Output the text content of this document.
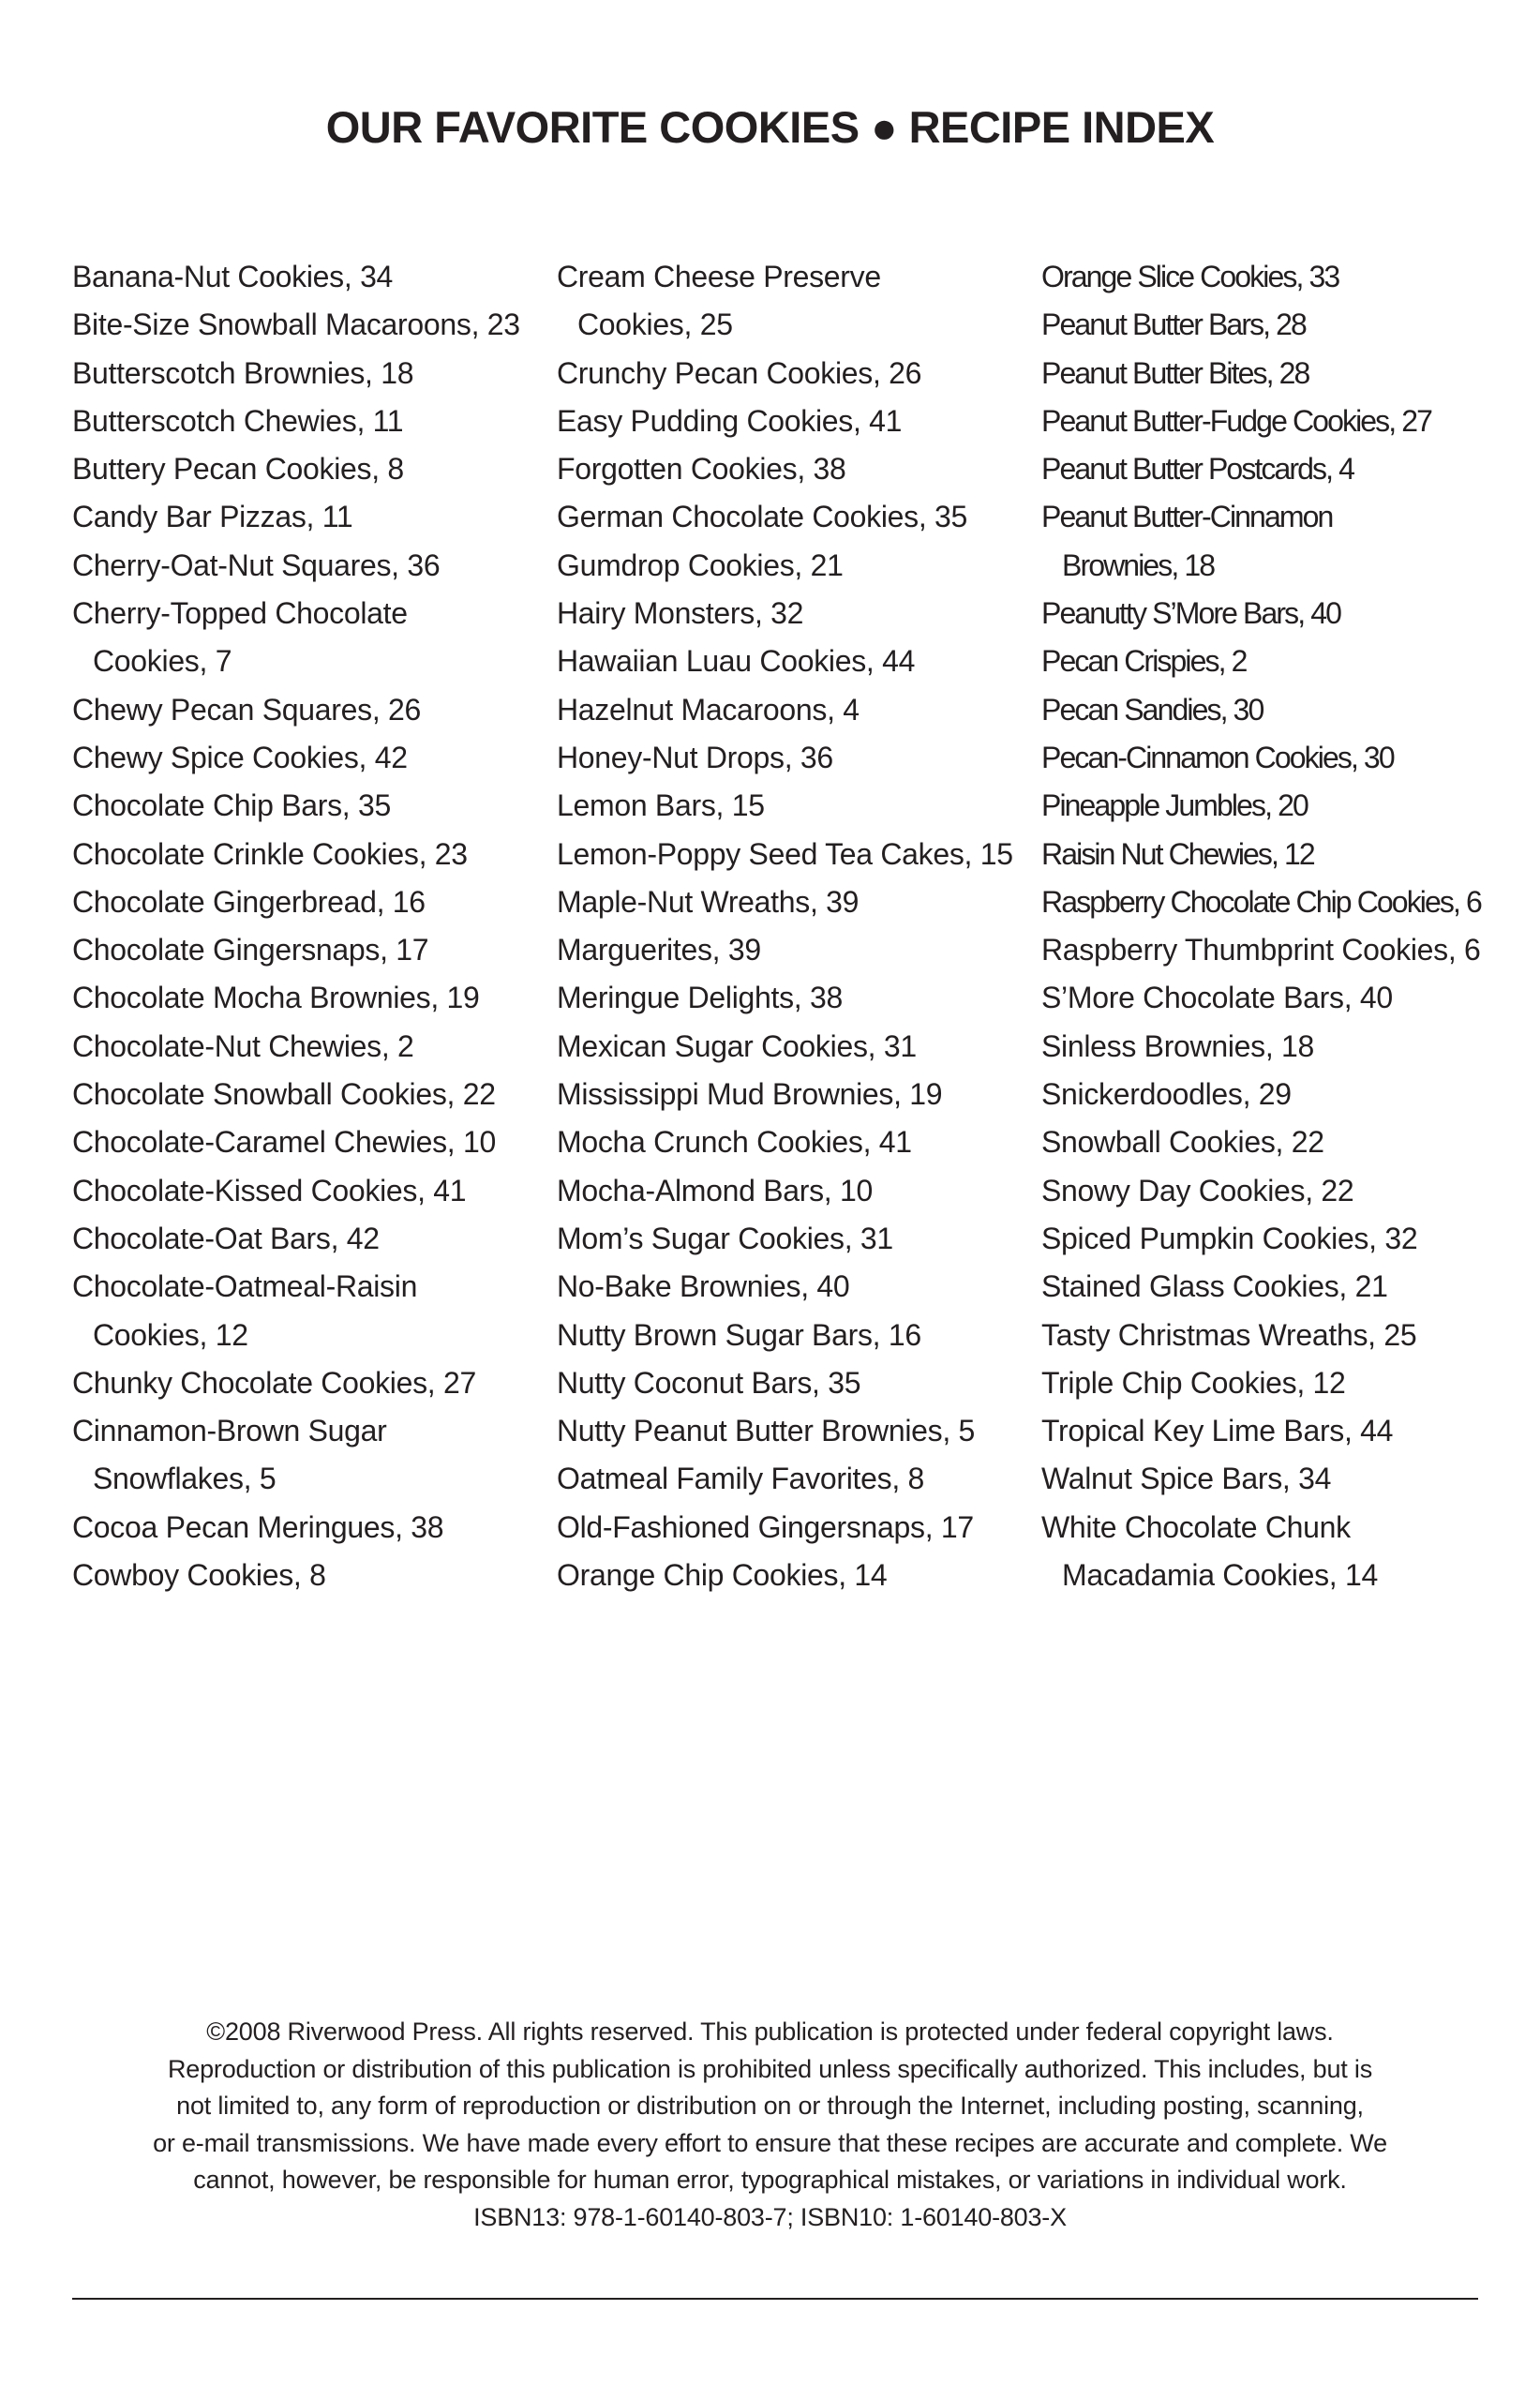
OUR FAVORITE COOKIES ● RECIPE INDEX
Banana-Nut Cookies, 34
Bite-Size Snowball Macaroons, 23
Butterscotch Brownies, 18
Butterscotch Chewies, 11
Buttery Pecan Cookies, 8
Candy Bar Pizzas, 11
Cherry-Oat-Nut Squares, 36
Cherry-Topped Chocolate
Cookies, 7
Chewy Pecan Squares, 26
Chewy Spice Cookies, 42
Chocolate Chip Bars, 35
Chocolate Crinkle Cookies, 23
Chocolate Gingerbread, 16
Chocolate Gingersnaps, 17
Chocolate Mocha Brownies, 19
Chocolate-Nut Chewies, 2
Chocolate Snowball Cookies, 22
Chocolate-Caramel Chewies, 10
Chocolate-Kissed Cookies, 41
Chocolate-Oat Bars, 42
Chocolate-Oatmeal-Raisin
Cookies, 12
Chunky Chocolate Cookies, 27
Cinnamon-Brown Sugar
Snowflakes, 5
Cocoa Pecan Meringues, 38
Cowboy Cookies, 8
Cream Cheese Preserve
Cookies, 25
Crunchy Pecan Cookies, 26
Easy Pudding Cookies, 41
Forgotten Cookies, 38
German Chocolate Cookies, 35
Gumdrop Cookies, 21
Hairy Monsters, 32
Hawaiian Luau Cookies, 44
Hazelnut Macaroons, 4
Honey-Nut Drops, 36
Lemon Bars, 15
Lemon-Poppy Seed Tea Cakes, 15
Maple-Nut Wreaths, 39
Marguerites, 39
Meringue Delights, 38
Mexican Sugar Cookies, 31
Mississippi Mud Brownies, 19
Mocha Crunch Cookies, 41
Mocha-Almond Bars, 10
Mom’s Sugar Cookies, 31
No-Bake Brownies, 40
Nutty Brown Sugar Bars, 16
Nutty Coconut Bars, 35
Nutty Peanut Butter Brownies, 5
Oatmeal Family Favorites, 8
Old-Fashioned Gingersnaps, 17
Orange Chip Cookies, 14
Orange Slice Cookies, 33
Peanut Butter Bars, 28
Peanut Butter Bites, 28
Peanut Butter-Fudge Cookies, 27
Peanut Butter Postcards, 4
Peanut Butter-Cinnamon
Brownies, 18
Peanutty S’More Bars, 40
Pecan Crispies, 2
Pecan Sandies, 30
Pecan-Cinnamon Cookies, 30
Pineapple Jumbles, 20
Raisin Nut Chewies, 12
Raspberry Chocolate Chip Cookies, 6
Raspberry Thumbprint Cookies, 6
S’More Chocolate Bars, 40
Sinless Brownies, 18
Snickerdoodles, 29
Snowball Cookies, 22
Snowy Day Cookies, 22
Spiced Pumpkin Cookies, 32
Stained Glass Cookies, 21
Tasty Christmas Wreaths, 25
Triple Chip Cookies, 12
Tropical Key Lime Bars, 44
Walnut Spice Bars, 34
White Chocolate Chunk
Macadamia Cookies, 14
©2008 Riverwood Press. All rights reserved. This publication is protected under federal copyright laws.
Reproduction or distribution of this publication is prohibited unless specifically authorized. This includes, but is
not limited to, any form of reproduction or distribution on or through the Internet, including posting, scanning,
or e-mail transmissions. We have made every effort to ensure that these recipes are accurate and complete. We
cannot, however, be responsible for human error, typographical mistakes, or variations in individual work.
ISBN13: 978-1-60140-803-7; ISBN10: 1-60140-803-X
